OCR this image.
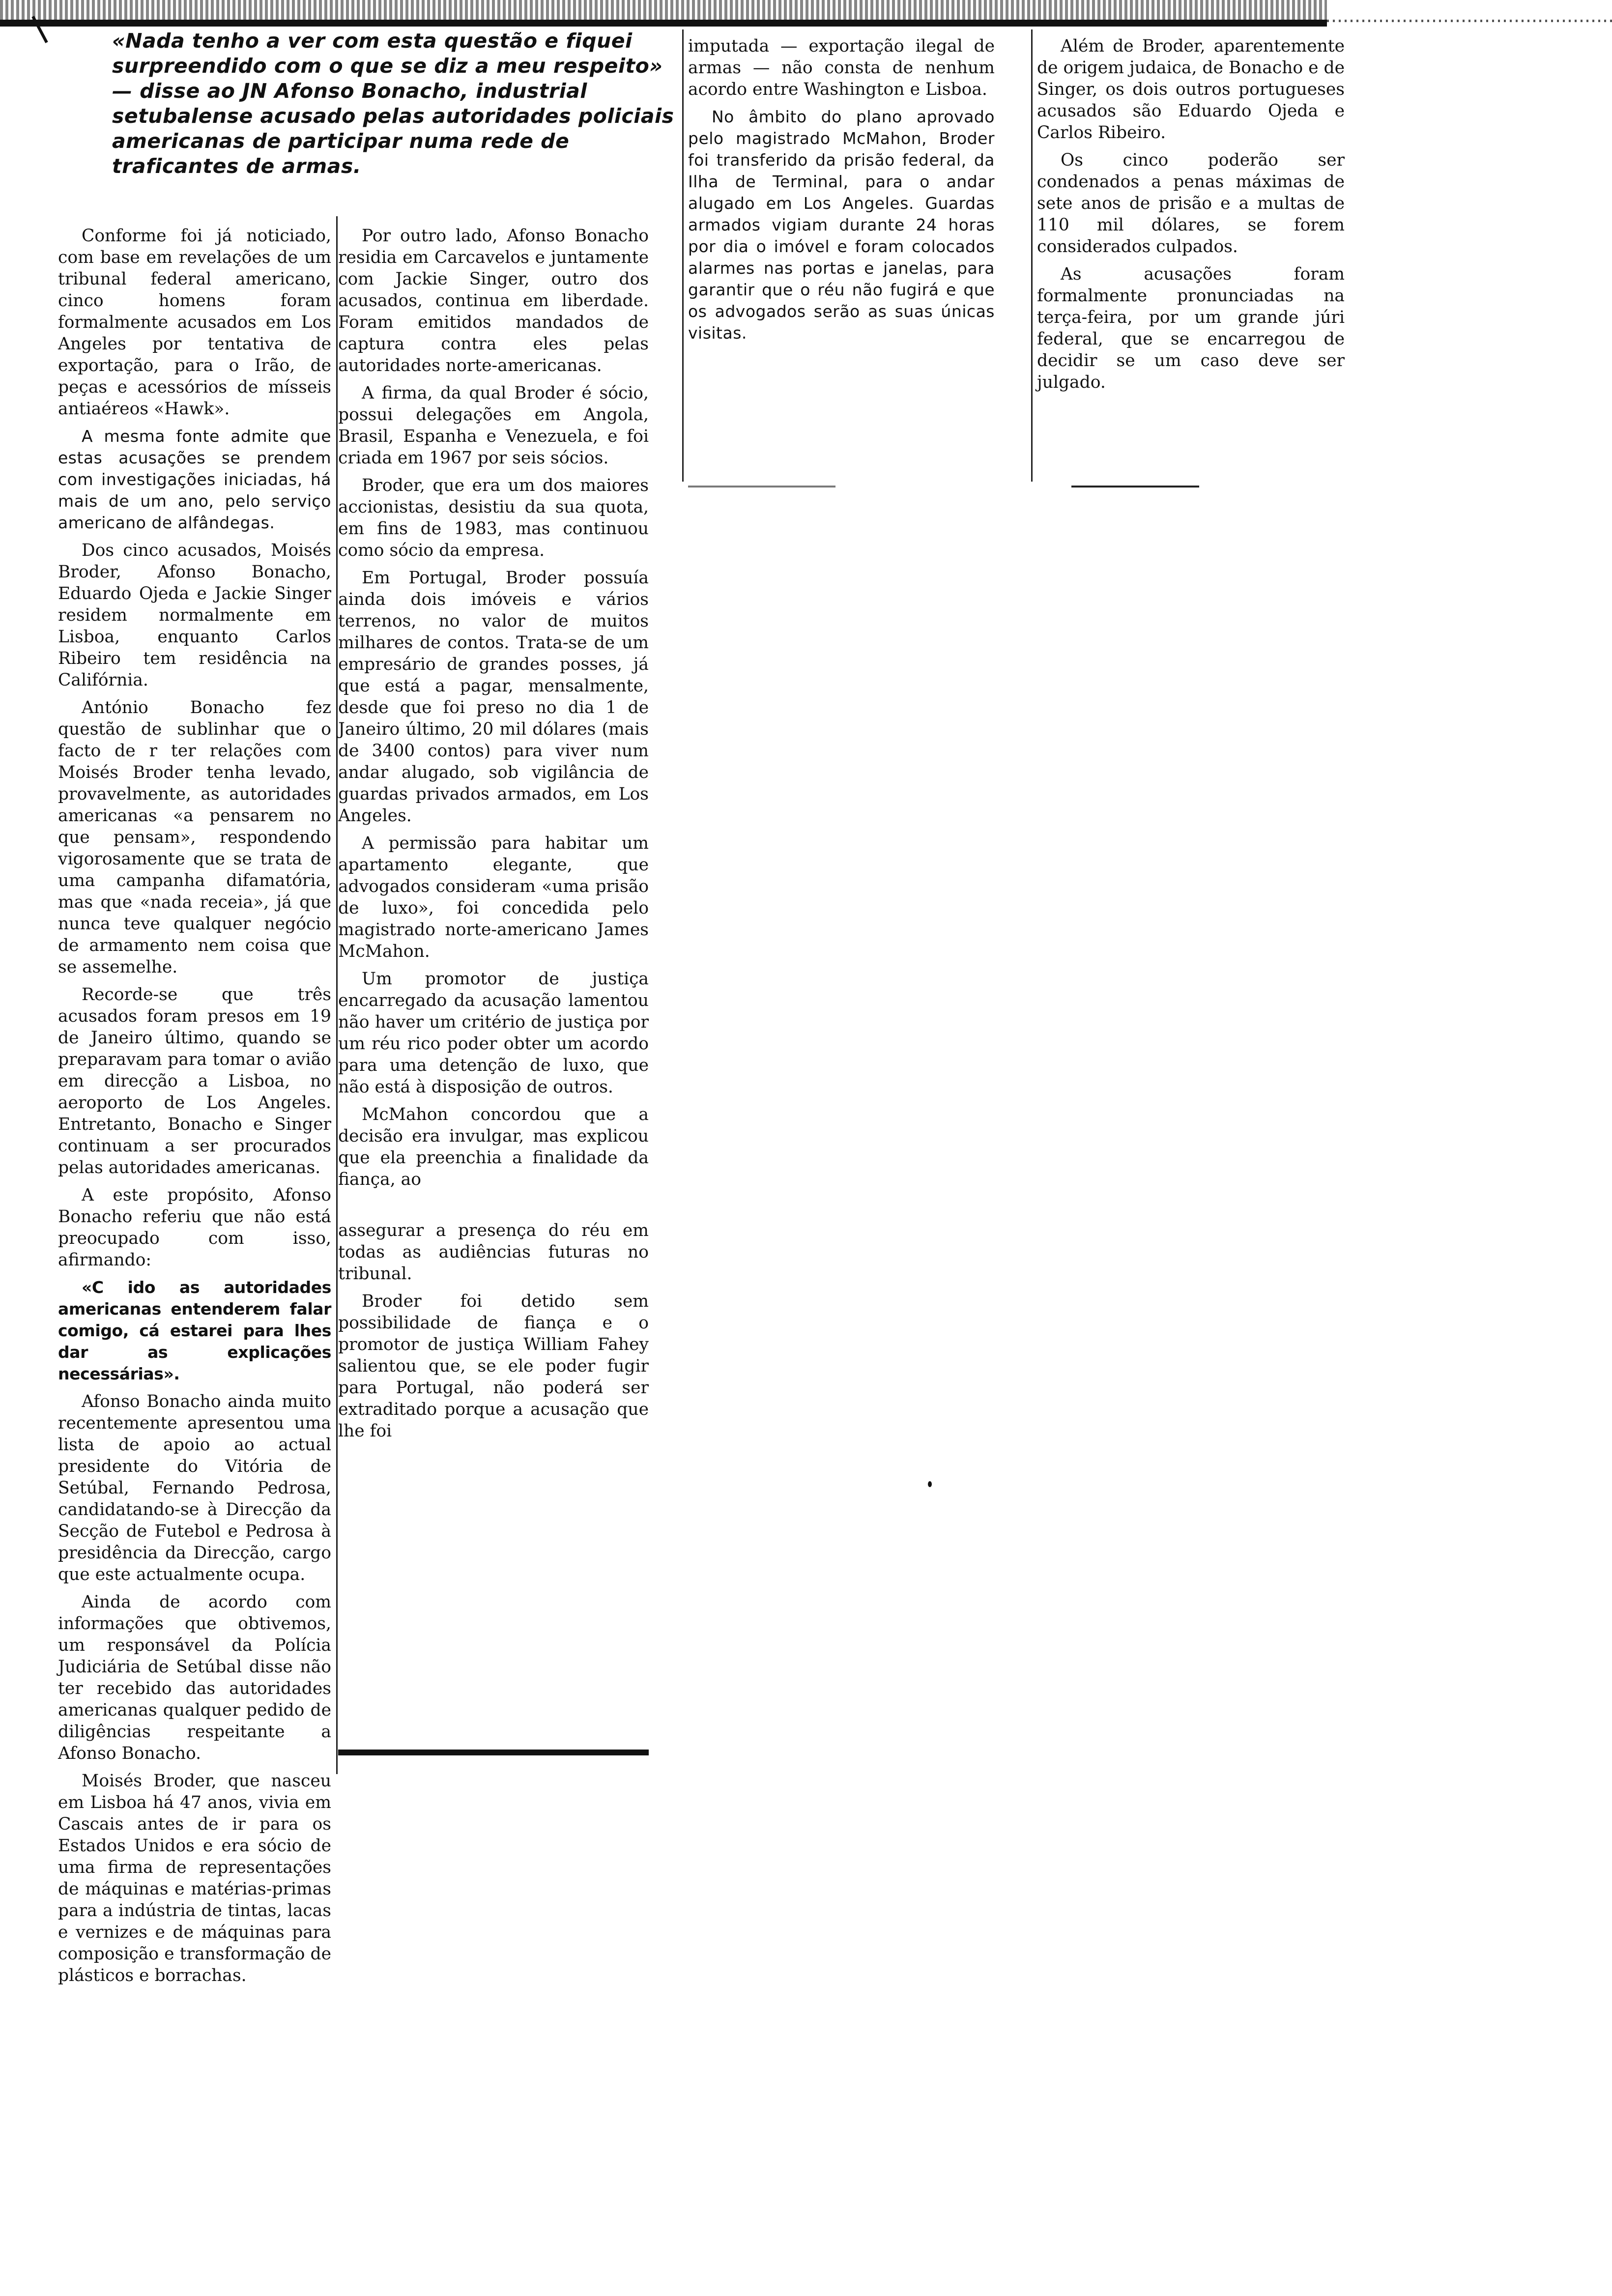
«Nada tenho a ver com esta questão e fiquei surpreendido com o que se diz a meu respeito» — disse ao JN Afonso Bonacho, industrial setubalense acusado pelas autoridades policiais americanas de participar numa rede de traficantes de armas.

Conforme foi já noticiado, com base em revelações de um tribunal federal americano, cinco homens foram formalmente acusados em Los Angeles por tentativa de exportação, para o Irão, de peças e acessórios de mísseis antiaéreos «Hawk».

A mesma fonte admite que estas acusações se prendem com investigações iniciadas, há mais de um ano, pelo serviço americano de alfândegas.

Dos cinco acusados, Moisés Broder, Afonso Bonacho, Eduardo Ojeda e Jackie Singer residem normalmente em Lisboa, enquanto Carlos Ribeiro tem residência na Califórnia.

António Bonacho fez questão de sublinhar que o facto de r ter relações com Moisés Broder tenha levado, provavelmente, as autoridades americanas «a pensarem no que pensam», respondendo vigorosamente que se trata de uma campanha difamatória, mas que «nada receia», já que nunca teve qualquer negócio de armamento nem coisa que se assemelhe.

Recorde-se que três acusados foram presos em 19 de Janeiro último, quando se preparavam para tomar o avião em direcção a Lisboa, no aeroporto de Los Angeles. Entretanto, Bonacho e Singer continuam a ser procurados pelas autoridades americanas.

A este propósito, Afonso Bonacho referiu que não está preocupado com isso, afirmando:

«C ido as autoridades americanas entenderem falar comigo, cá estarei para lhes dar as explicações necessárias».

Afonso Bonacho ainda muito recentemente apresentou uma lista de apoio ao actual presidente do Vitória de Setúbal, Fernando Pedrosa, candidatando-se à Direcção da Secção de Futebol e Pedrosa à presidência da Direcção, cargo que este actualmente ocupa.

Ainda de acordo com informações que obtivemos, um responsável da Polícia Judiciária de Setúbal disse não ter recebido das autoridades americanas qualquer pedido de diligências respeitante a Afonso Bonacho.

Moisés Broder, que nasceu em Lisboa há 47 anos, vivia em Cascais antes de ir para os Estados Unidos e era sócio de uma firma de representações de máquinas e matérias-primas para a indústria de tintas, lacas e vernizes e de máquinas para composição e transformação de plásticos e borrachas.

Por outro lado, Afonso Bonacho residia em Carcavelos e juntamente com Jackie Singer, outro dos acusados, continua em liberdade. Foram emitidos mandados de captura contra eles pelas autoridades norte-americanas.

A firma, da qual Broder é sócio, possui delegações em Angola, Brasil, Espanha e Venezuela, e foi criada em 1967 por seis sócios.

Broder, que era um dos maiores accionistas, desistiu da sua quota, em fins de 1983, mas continuou como sócio da empresa.

Em Portugal, Broder possuía ainda dois imóveis e vários terrenos, no valor de muitos milhares de contos. Trata-se de um empresário de grandes posses, já que está a pagar, mensalmente, desde que foi preso no dia 1 de Janeiro último, 20 mil dólares (mais de 3400 contos) para viver num andar alugado, sob vigilância de guardas privados armados, em Los Angeles.

A permissão para habitar um apartamento elegante, que advogados consideram «uma prisão de luxo», foi concedida pelo magistrado norte-americano James McMahon.

Um promotor de justiça encarregado da acusação lamentou não haver um critério de justiça por um réu rico poder obter um acordo para uma detenção de luxo, que não está à disposição de outros.

McMahon concordou que a decisão era invulgar, mas explicou que ela preenchia a finalidade da fiança, ao

assegurar a presença do réu em todas as audiências futuras no tribunal.

Broder foi detido sem possibilidade de fiança e o promotor de justiça William Fahey salientou que, se ele poder fugir para Portugal, não poderá ser extraditado porque a acusação que lhe foi

imputada — exportação ilegal de armas — não consta de nenhum acordo entre Washington e Lisboa.

No âmbito do plano aprovado pelo magistrado McMahon, Broder foi transferido da prisão federal, da Ilha de Terminal, para o andar alugado em Los Angeles. Guardas armados vigiam durante 24 horas por dia o imóvel e foram colocados alarmes nas portas e janelas, para garantir que o réu não fugirá e que os advogados serão as suas únicas visitas.

Além de Broder, aparentemente de origem judaica, de Bonacho e de Singer, os dois outros portugueses acusados são Eduardo Ojeda e Carlos Ribeiro.

Os cinco poderão ser condenados a penas máximas de sete anos de prisão e a multas de 110 mil dólares, se forem considerados culpados.

As acusações foram formalmente pronunciadas na terça-feira, por um grande júri federal, que se encarregou de decidir se um caso deve ser julgado.
